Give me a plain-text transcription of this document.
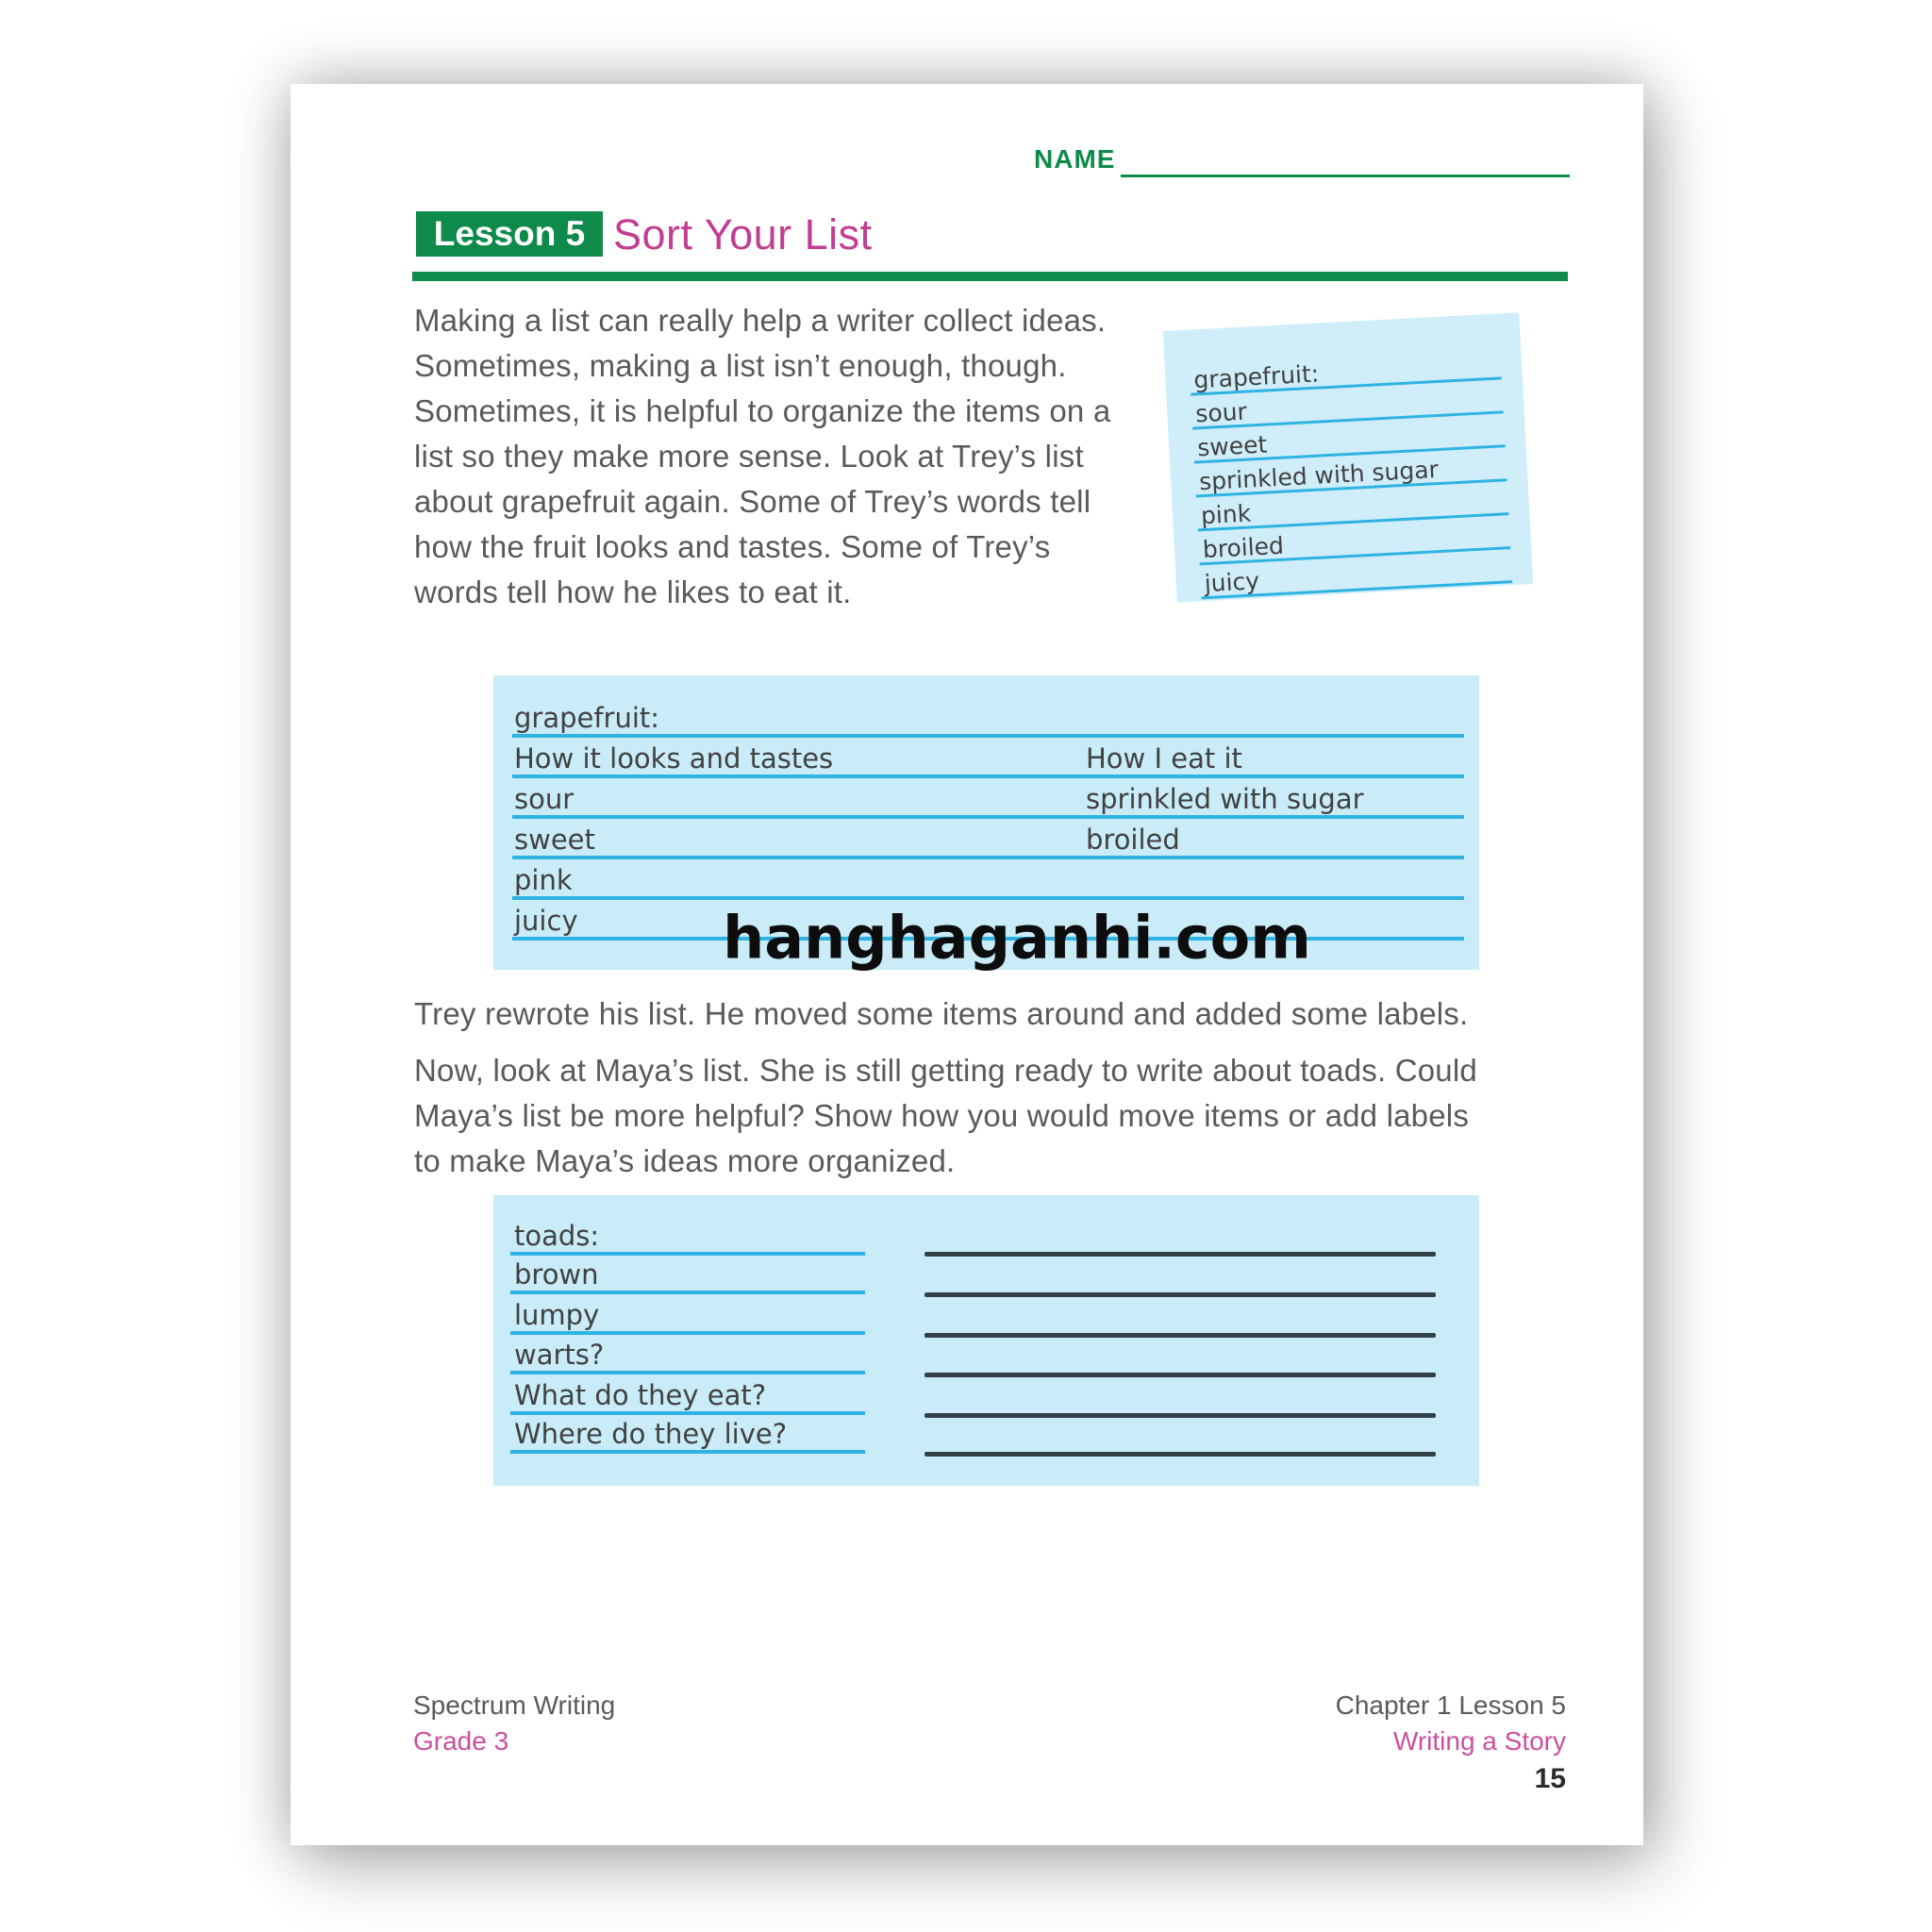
NAME
Lesson 5 Sort Your List

Making a list can really help a writer collect ideas. Sometimes, making a list isn’t enough, though. Sometimes, it is helpful to organize the items on a list so they make more sense. Look at Trey’s list about grapefruit again. Some of Trey’s words tell how the fruit looks and tastes. Some of Trey’s words tell how he likes to eat it.

grapefruit:
sour
sweet
sprinkled with sugar
pink
broiled
juicy
grapefruit:
How it looks and tastes	How I eat it
sour	sprinkled with sugar
sweet	broiled
pink
juicy hanghaganhi.com

Trey rewrote his list. He moved some items around and added some labels.

Now, look at Maya’s list. She is still getting ready to write about toads. Could Maya’s list be more helpful? Show how you would move items or add labels to make Maya’s ideas more organized.

toads:
brown
lumpy
warts?
What do they eat?
Where do they live?
Spectrum Writing
Grade 3
Chapter 1 Lesson 5
Writing a Story
15
